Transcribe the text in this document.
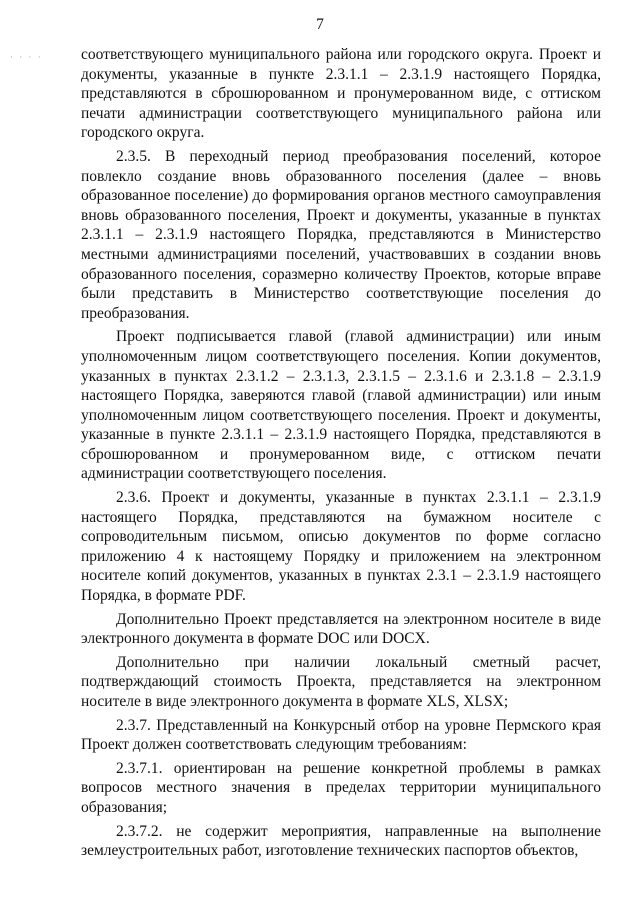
7
· · · · соответствующего муниципального района или городского округа. Проект и документы, указанные в пункте 2.3.1.1 – 2.3.1.9 настоящего Порядка, представляются в сброшюрованном и пронумерованном виде, с оттиском печати администрации соответствующего муниципального района или городского округа.

2.3.5. В переходный период преобразования поселений, которое повлекло создание вновь образованного поселения (далее – вновь образованное поселение) до формирования органов местного самоуправления вновь образованного поселения, Проект и документы, указанные в пунктах 2.3.1.1 – 2.3.1.9 настоящего Порядка, представляются в Министерство местными администрациями поселений, участвовавших в создании вновь образованного поселения, соразмерно количеству Проектов, которые вправе были представить в Министерство соответствующие поселения до преобразования.

Проект подписывается главой (главой администрации) или иным уполномоченным лицом соответствующего поселения. Копии документов, указанных в пунктах 2.3.1.2 – 2.3.1.3, 2.3.1.5 – 2.3.1.6 и 2.3.1.8 – 2.3.1.9 настоящего Порядка, заверяются главой (главой администрации) или иным уполномоченным лицом соответствующего поселения. Проект и документы, указанные в пункте 2.3.1.1 – 2.3.1.9 настоящего Порядка, представляются в сброшюрованном и пронумерованном виде, с оттиском печати администрации соответствующего поселения.

2.3.6. Проект и документы, указанные в пунктах 2.3.1.1 – 2.3.1.9 настоящего Порядка, представляются на бумажном носителе с сопроводительным письмом, описью документов по форме согласно приложению 4 к настоящему Порядку и приложением на электронном носителе копий документов, указанных в пунктах 2.3.1 – 2.3.1.9 настоящего Порядка, в формате PDF.

Дополнительно Проект представляется на электронном носителе в виде электронного документа в формате DOC или DOCX.

Дополнительно при наличии локальный сметный расчет, подтверждающий стоимость Проекта, представляется на электронном носителе в виде электронного документа в формате XLS, XLSX;

2.3.7. Представленный на Конкурсный отбор на уровне Пермского края Проект должен соответствовать следующим требованиям:

2.3.7.1. ориентирован на решение конкретной проблемы в рамках вопросов местного значения в пределах территории муниципального образования;

2.3.7.2. не содержит мероприятия, направленные на выполнение землеустроительных работ, изготовление технических паспортов объектов,
